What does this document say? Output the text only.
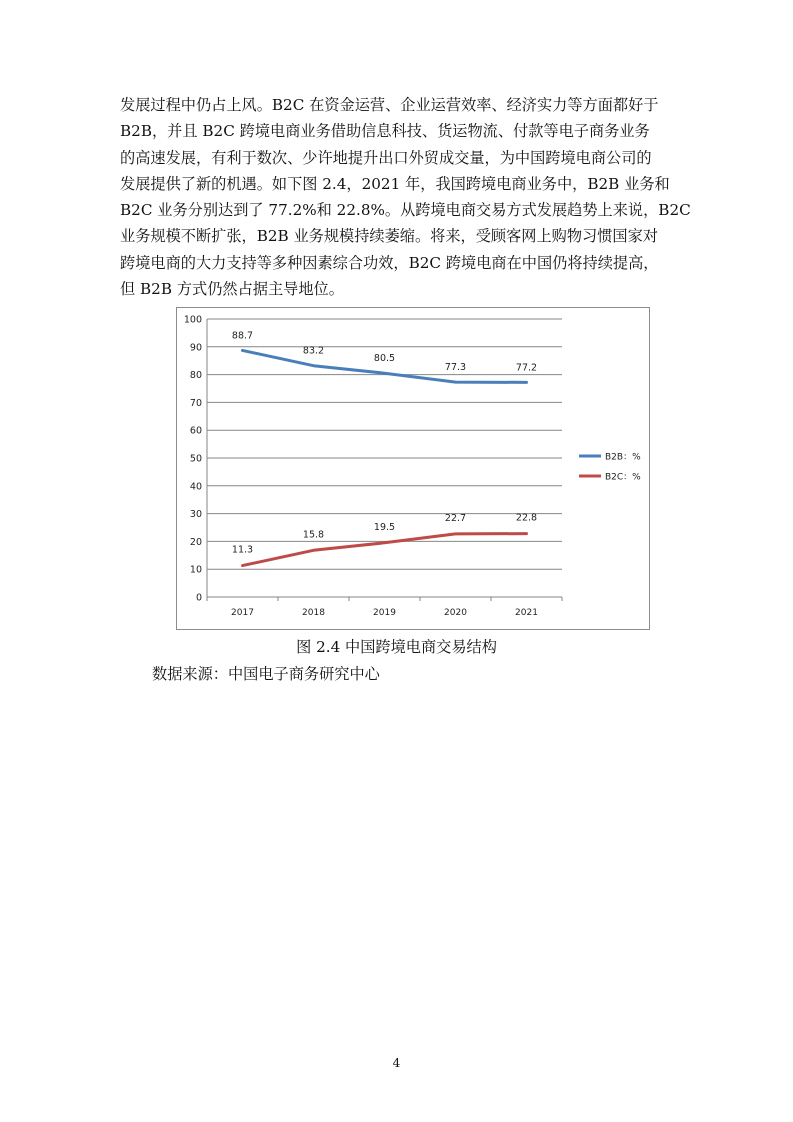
发展过程中仍占上风。B2C 在资金运营、企业运营效率、经济实力等方面都好于
B2B，并且 B2C 跨境电商业务借助信息科技、货运物流、付款等电子商务业务
的高速发展，有利于数次、少许地提升出口外贸成交量，为中国跨境电商公司的
发展提供了新的机遇。如下图 2.4，2021 年，我国跨境电商业务中，B2B 业务和
B2C 业务分别达到了 77.2%和 22.8%。从跨境电商交易方式发展趋势上来说，B2C
业务规模不断扩张，B2B 业务规模持续萎缩。将来，受顾客网上购物习惯国家对
跨境电商的大力支持等多种因素综合功效，B2C 跨境电商在中国仍将持续提高，
但 B2B 方式仍然占据主导地位。
0
10
20
30
40
50
60
70
80
90
100
2017	2018	2019	2020	2021
88.7
83.2
80.5
77.3	77.2
11.3
15.8
19.5
22.7	22.8
B2B：%
B2C：%
图 2.4 中国跨境电商交易结构
数据来源：中国电子商务研究中心
4
